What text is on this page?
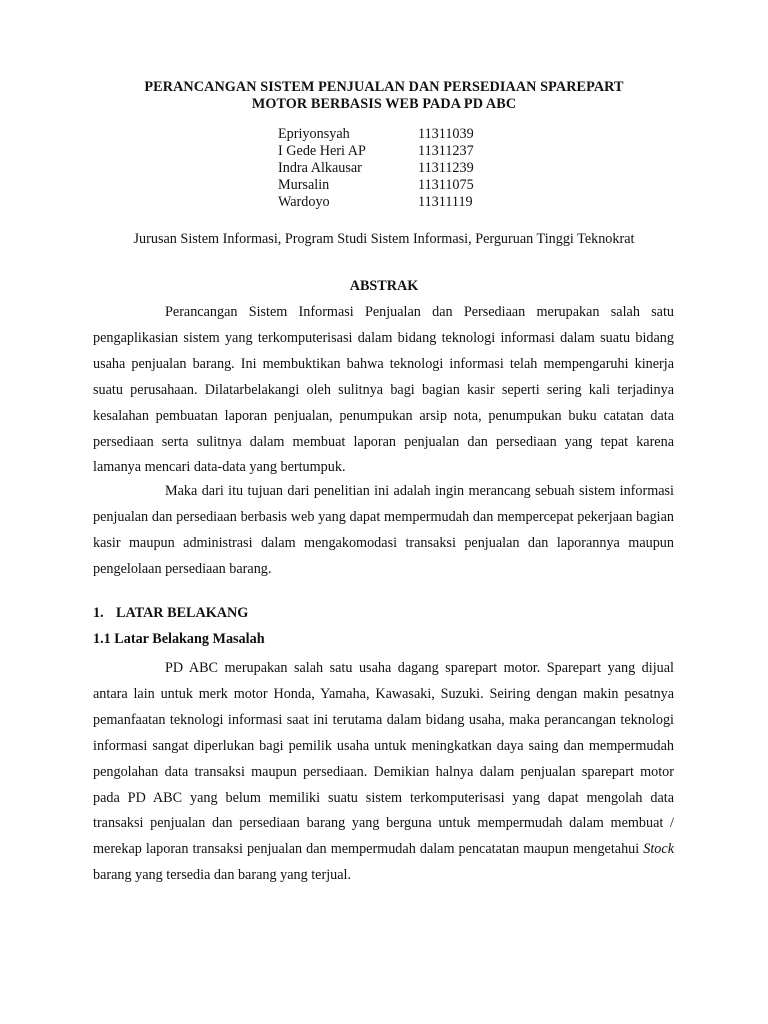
PERANCANGAN SISTEM PENJUALAN DAN PERSEDIAAN SPAREPART
MOTOR BERBASIS WEB PADA PD ABC
Epriyonsyah	11311039
I Gede Heri AP	11311237
Indra Alkausar	11311239
Mursalin	11311075
Wardoyo	11311119
Jurusan Sistem Informasi, Program Studi Sistem Informasi, Perguruan Tinggi Teknokrat
ABSTRAK

Perancangan Sistem Informasi Penjualan dan Persediaan merupakan salah satu pengaplikasian sistem yang terkomputerisasi dalam bidang teknologi informasi dalam suatu bidang usaha penjualan barang. Ini membuktikan bahwa teknologi informasi telah mempengaruhi kinerja suatu perusahaan. Dilatarbelakangi oleh sulitnya bagi bagian kasir seperti sering kali terjadinya kesalahan pembuatan laporan penjualan, penumpukan arsip nota, penumpukan buku catatan data persediaan serta sulitnya dalam membuat laporan penjualan dan persediaan yang tepat karena lamanya mencari data-data yang bertumpuk.

Maka dari itu tujuan dari penelitian ini adalah ingin merancang sebuah sistem informasi penjualan dan persediaan berbasis web yang dapat mempermudah dan mempercepat pekerjaan bagian kasir maupun administrasi dalam mengakomodasi transaksi penjualan dan laporannya maupun pengelolaan persediaan barang.

1. LATAR BELAKANG
1.1 Latar Belakang Masalah

PD ABC merupakan salah satu usaha dagang sparepart motor. Sparepart yang dijual antara lain untuk merk motor Honda, Yamaha, Kawasaki, Suzuki. Seiring dengan makin pesatnya pemanfaatan teknologi informasi saat ini terutama dalam bidang usaha, maka perancangan teknologi informasi sangat diperlukan bagi pemilik usaha untuk meningkatkan daya saing dan mempermudah pengolahan data transaksi maupun persediaan. Demikian halnya dalam penjualan sparepart motor pada PD ABC yang belum memiliki suatu sistem terkomputerisasi yang dapat mengolah data transaksi penjualan dan persediaan barang yang berguna untuk mempermudah dalam membuat / merekap laporan transaksi penjualan dan mempermudah dalam pencatatan maupun mengetahui Stock barang yang tersedia dan barang yang terjual.
